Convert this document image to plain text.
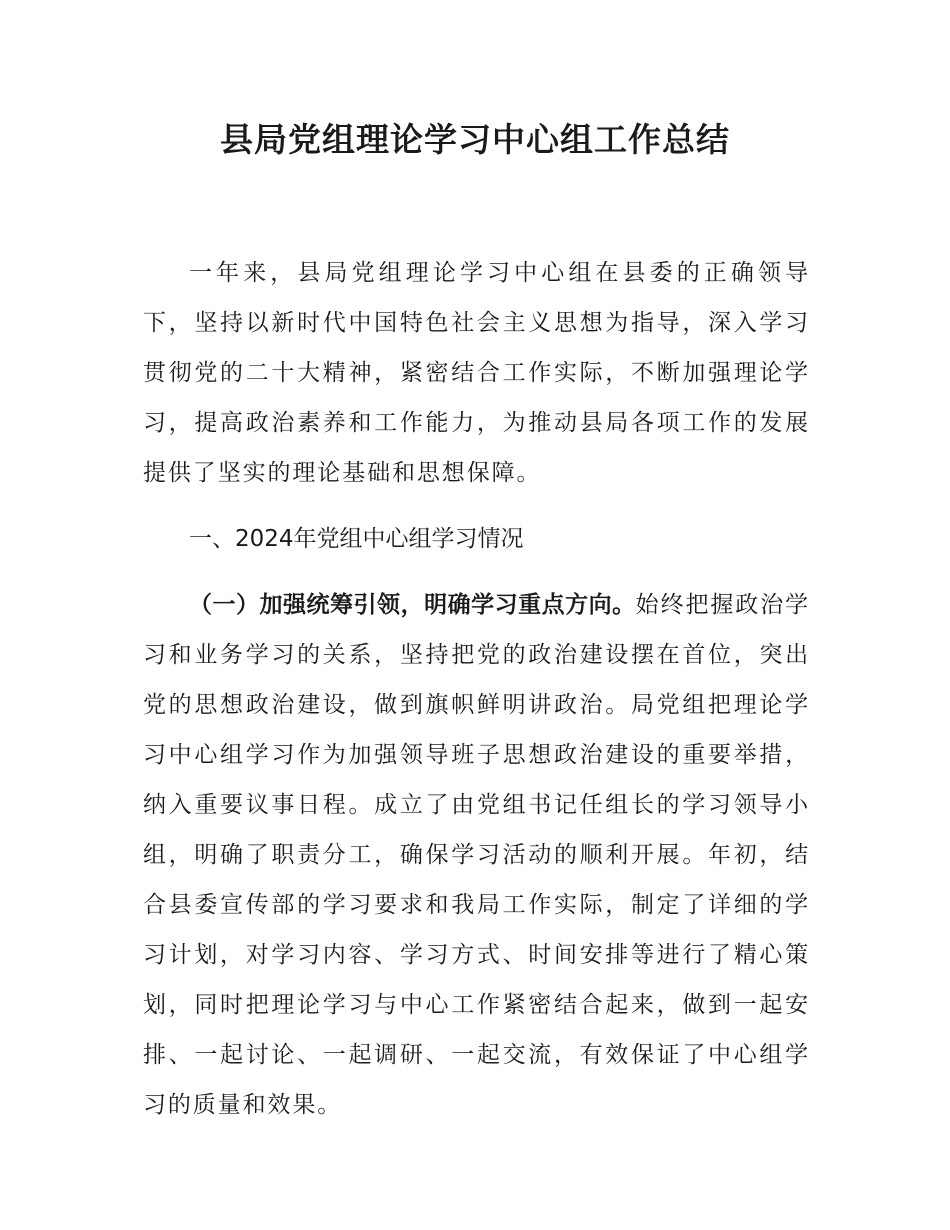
县局党组理论学习中心组工作总结

一年来，县局党组理论学习中心组在县委的正确领导下，坚持以新时代中国特色社会主义思想为指导，深入学习贯彻党的二十大精神，紧密结合工作实际，不断加强理论学习，提高政治素养和工作能力，为推动县局各项工作的发展提供了坚实的理论基础和思想保障。

一、2024年党组中心组学习情况

（一）加强统筹引领，明确学习重点方向。始终把握政治学习和业务学习的关系，坚持把党的政治建设摆在首位，突出党的思想政治建设，做到旗帜鲜明讲政治。局党组把理论学习中心组学习作为加强领导班子思想政治建设的重要举措，纳入重要议事日程。成立了由党组书记任组长的学习领导小组，明确了职责分工，确保学习活动的顺利开展。年初，结合县委宣传部的学习要求和我局工作实际，制定了详细的学习计划，对学习内容、学习方式、时间安排等进行了精心策划，同时把理论学习与中心工作紧密结合起来，做到一起安排、一起讨论、一起调研、一起交流，有效保证了中心组学习的质量和效果。
